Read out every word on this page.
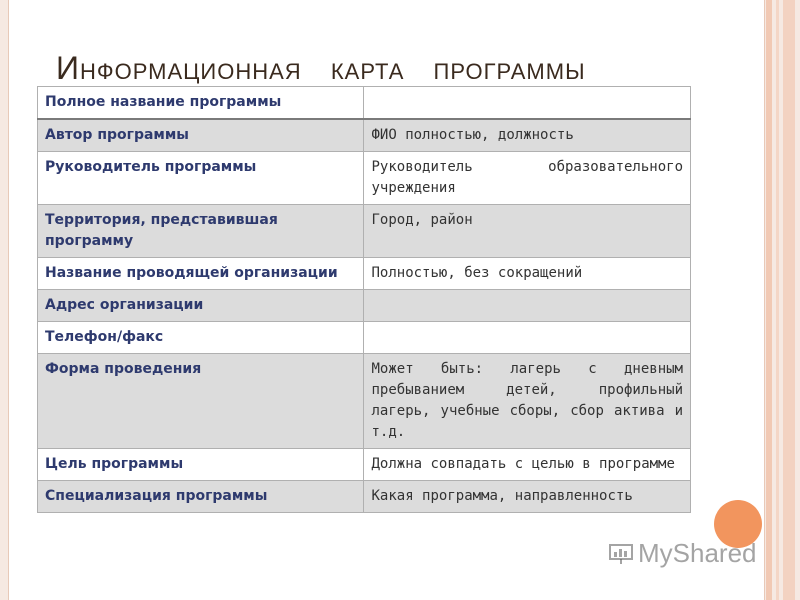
ИНФОРМАЦИОННАЯ КАРТА ПРОГРАММЫ
Полное название программы	
Автор программы	ФИО полностью, должность
Руководитель программы	Руководитель образовательного учреждения
Территория, представившая программу	Город, район
Название проводящей организации	Полностью, без сокращений
Адрес организации	
Телефон/факс	
Форма проведения	Может быть: лагерь с дневным пребыванием детей, профильный лагерь, учебные сборы, сбор актива и т.д.
Цель программы	Должна совпадать с целью в программе
Специализация программы	Какая программа, направленность
MyShared
